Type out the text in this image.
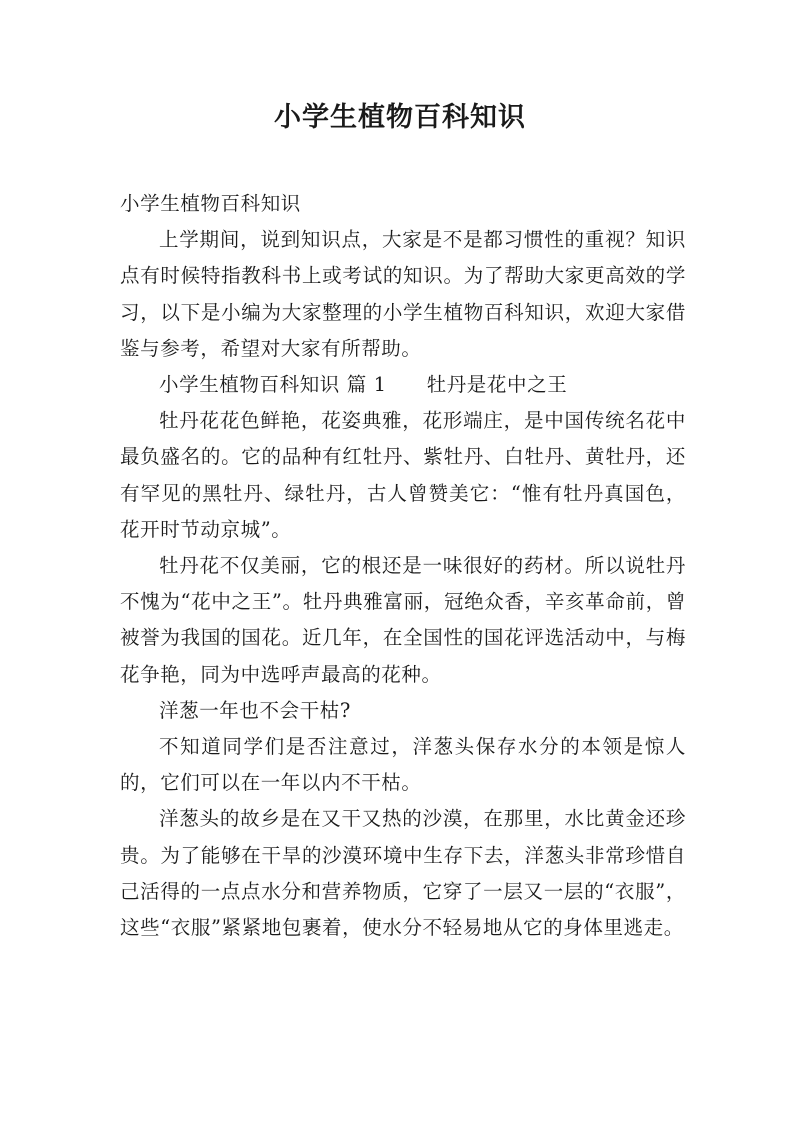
小学生植物百科知识

小学生植物百科知识

上学期间，说到知识点，大家是不是都习惯性的重视？知识点有时候特指教科书上或考试的知识。为了帮助大家更高效的学习，以下是小编为大家整理的小学生植物百科知识，欢迎大家借鉴与参考，希望对大家有所帮助。

小学生植物百科知识 篇 1 牡丹是花中之王

牡丹花花色鲜艳，花姿典雅，花形端庄，是中国传统名花中最负盛名的。它的品种有红牡丹、紫牡丹、白牡丹、黄牡丹，还有罕见的黑牡丹、绿牡丹，古人曾赞美它：“惟有牡丹真国色，花开时节动京城”。

牡丹花不仅美丽，它的根还是一味很好的药材。所以说牡丹不愧为“花中之王”。牡丹典雅富丽，冠绝众香，辛亥革命前，曾被誉为我国的国花。近几年，在全国性的国花评选活动中，与梅花争艳，同为中选呼声最高的花种。

洋葱一年也不会干枯?

不知道同学们是否注意过，洋葱头保存水分的本领是惊人的，它们可以在一年以内不干枯。

洋葱头的故乡是在又干又热的沙漠，在那里，水比黄金还珍贵。为了能够在干旱的沙漠环境中生存下去，洋葱头非常珍惜自己活得的一点点水分和营养物质，它穿了一层又一层的“衣服”，这些“衣服”紧紧地包裹着，使水分不轻易地从它的身体里逃走。
